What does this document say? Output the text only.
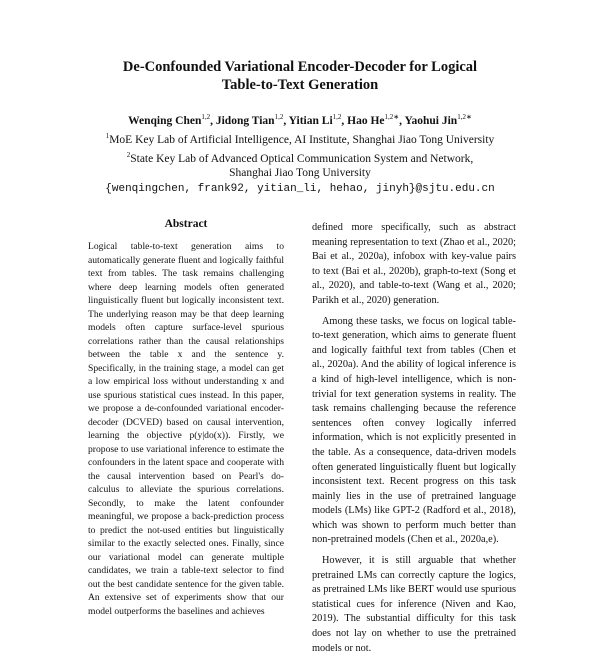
De-Confounded Variational Encoder-Decoder for Logical
Table-to-Text Generation
Wenqing Chen$^{1,2}$, Jidong Tian$^{1,2}$, Yitian Li$^{1,2}$, Hao $He^{1,2∗}$, Yaohui Jin$^{1,2∗}$
$^1$MoE Key Lab of Artificial Intelligence, AI Institute, Shanghai Jiao Tong University
$^2$State Key Lab of Advanced Optical Communication System and Network,
Shanghai Jiao Tong University
{wenqingchen, frank92, yitian_li, hehao, jinyh}@sjtu.edu.cn
Abstract

Logical table-to-text generation aims to automatically generate fluent and logically faithful text from tables. The task remains challenging where deep learning models often generated linguistically fluent but logically inconsistent text. The underlying reason may be that deep learning models often capture surface-level spurious correlations rather than the causal relationships between the table x and the sentence y. Specifically, in the training stage, a model can get a low empirical loss without understanding x and use spurious statistical cues instead. In this paper, we propose a de-confounded variational encoder-decoder (DCVED) based on causal intervention, learning the objective p(y|do(x)). Firstly, we propose to use variational inference to estimate the confounders in the latent space and cooperate with the causal intervention based on Pearl's do-calculus to alleviate the spurious correlations. Secondly, to make the latent confounder meaningful, we propose a back-prediction process to predict the not-used entities but linguistically similar to the exactly selected ones. Finally, since our variational model can generate multiple candidates, we train a table-text selector to find out the best candidate sentence for the given table. An extensive set of experiments show that our model outperforms the baselines and achieves

defined more specifically, such as abstract meaning representation to text (Zhao et al., 2020; Bai et al., 2020a), infobox with key-value pairs to text (Bai et al., 2020b), graph-to-text (Song et al., 2020), and table-to-text (Wang et al., 2020; Parikh et al., 2020) generation.

Among these tasks, we focus on logical table-to-text generation, which aims to generate fluent and logically faithful text from tables (Chen et al., 2020a). And the ability of logical inference is a kind of high-level intelligence, which is non-trivial for text generation systems in reality. The task remains challenging because the reference sentences often convey logically inferred information, which is not explicitly presented in the table. As a consequence, data-driven models often generated linguistically fluent but logically inconsistent text. Recent progress on this task mainly lies in the use of pretrained language models (LMs) like GPT-2 (Radford et al., 2018), which was shown to perform much better than non-pretrained models (Chen et al., 2020a,e).

However, it is still arguable that whether pretrained LMs can correctly capture the logics, as pretrained LMs like BERT would use spurious statistical cues for inference (Niven and Kao, 2019). The substantial difficulty for this task does not lay on whether to use the pretrained models or not.
